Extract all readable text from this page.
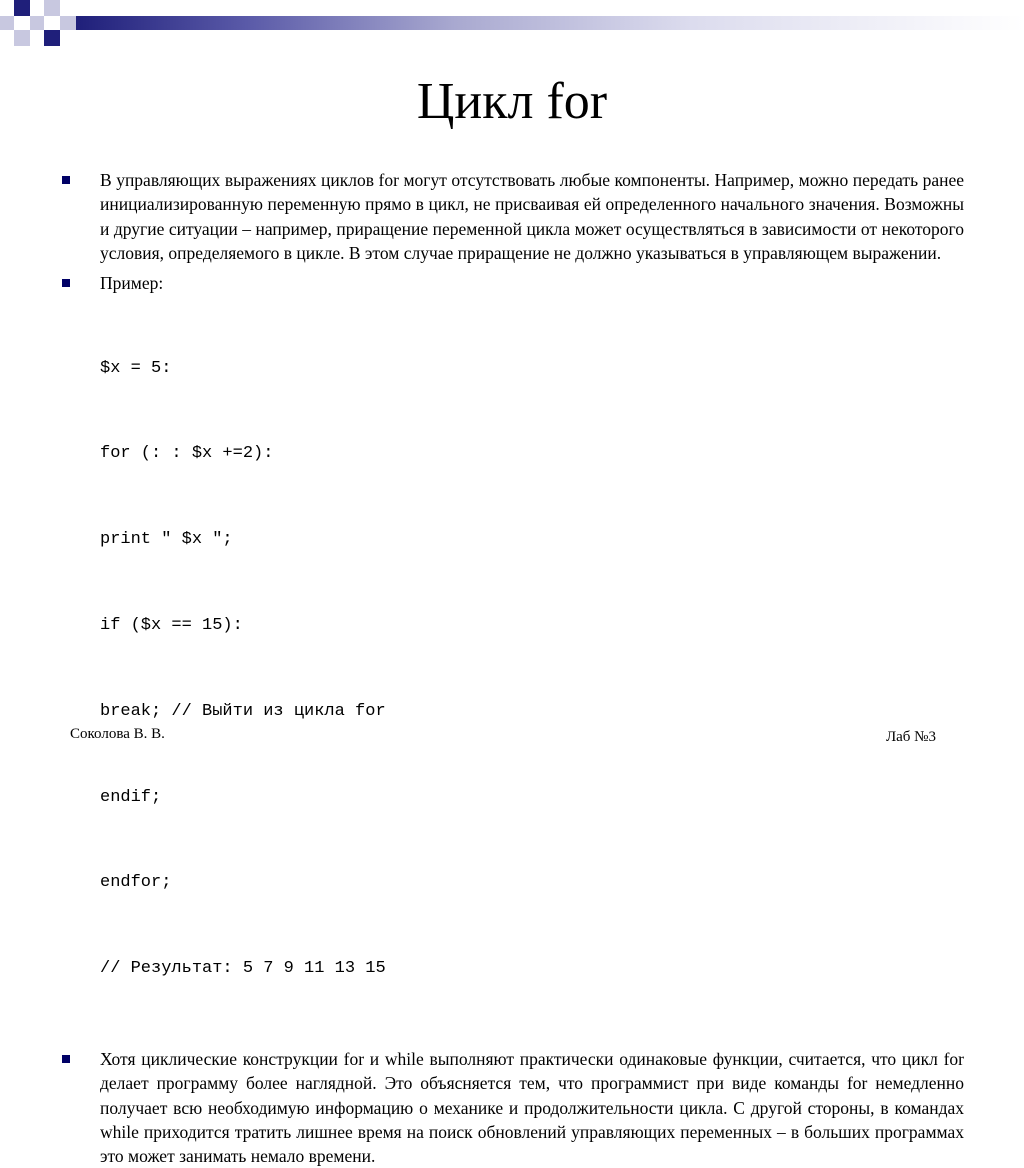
Цикл for
В управляющих выражениях циклов for могут отсутствовать любые компоненты. Например, можно передать ранее инициализированную переменную прямо в цикл, не присваивая ей определенного начального значения. Возможны и другие ситуации – например, приращение переменной цикла может осуществляться в зависимости от некоторого условия, определяемого в цикле. В этом случае приращение не должно указываться в управляющем выражении.
Пример:

$x = 5:

for (: : $x +=2):

print " $x ";

if ($x == 15):

break; // Выйти из цикла for

endif;

endfor;

// Результат: 5 7 9 11 13 15

Хотя циклические конструкции for и while выполняют практически одинаковые функции, считается, что цикл for делает программу более наглядной. Это объясняется тем, что программист при виде команды for немедленно получает всю необходимую информацию о механике и продолжительности цикла. С другой стороны, в командах while приходится тратить лишнее время на поиск обновлений управляющих переменных – в больших программах это может занимать немало времени.
Соколова В. В.	Лаб №3
